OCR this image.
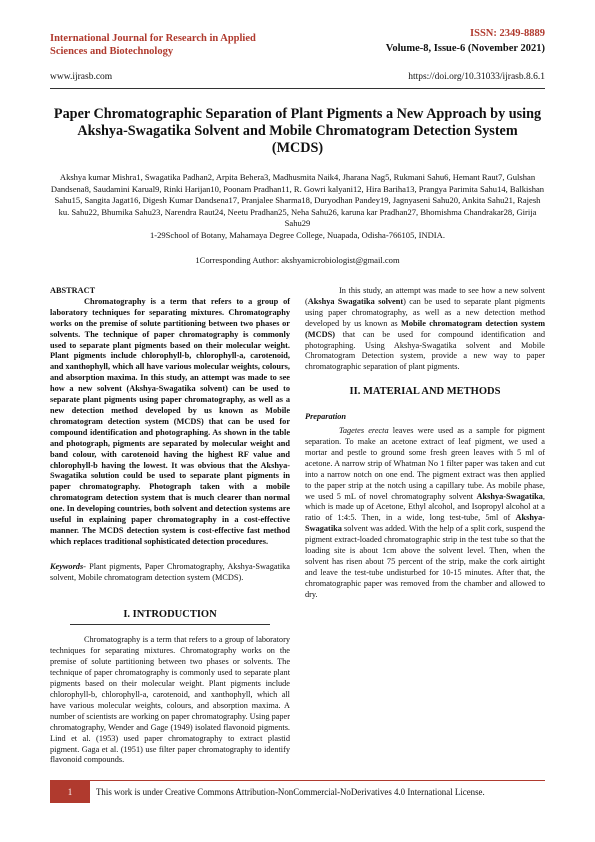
International Journal for Research in Applied Sciences and Biotechnology
ISSN: 2349-8889
Volume-8, Issue-6 (November 2021)
www.ijrasb.com	https://doi.org/10.31033/ijrasb.8.6.1
Paper Chromatographic Separation of Plant Pigments a New Approach by using Akshya-Swagatika Solvent and Mobile Chromatogram Detection System (MCDS)
Akshya kumar Mishra1, Swagatika Padhan2, Arpita Behera3, Madhusmita Naik4, Jharana Nag5, Rukmani Sahu6, Hemant Raut7, Gulshan Dandsena8, Saudamini Karual9, Rinki Harijan10, Poonam Pradhan11, R. Gowri kalyani12, Hira Bariha13, Prangya Parimita Sahu14, Balkishan Sahu15, Sangita Jagat16, Digesh Kumar Dandsena17, Pranjalee Sharma18, Duryodhan Pandey19, Jagnyaseni Sahu20, Ankita Sahu21, Rajesh ku. Sahu22, Bhumika Sahu23, Narendra Raut24, Neetu Pradhan25, Neha Sahu26, karuna kar Pradhan27, Bhomishma Chandrakar28, Girija Sahu29
1-29School of Botany, Mahamaya Degree College, Nuapada, Odisha-766105, INDIA.
1Corresponding Author: akshyamicrobiologist@gmail.com

ABSTRACT
Chromatography is a term that refers to a group of laboratory techniques for separating mixtures. Chromatography works on the premise of solute partitioning between two phases or solvents. The technique of paper chromatography is commonly used to separate plant pigments based on their molecular weight. Plant pigments include chlorophyll-b, chlorophyll-a, carotenoid, and xanthophyll, which all have various molecular weights, colours, and absorption maxima. In this study, an attempt was made to see how a new solvent (Akshya-Swagatika solvent) can be used to separate plant pigments using paper chromatography, as well as a new detection method developed by us known as Mobile chromatogram detection system (MCDS) that can be used for compound identification and photographing. As shown in the table and photograph, pigments are separated by molecular weight and band colour, with carotenoid having the highest RF value and chlorophyll-b having the lowest. It was obvious that the Akshya-Swagatika solution could be used to separate plant pigments in paper chromatography. Photograph taken with a mobile chromatogram detection system that is much clearer than normal one. In developing countries, both solvent and detection systems are useful in explaining paper chromatography in a cost-effective manner. The MCDS detection system is cost-effective fast method which replaces traditional sophisticated detection procedures.

Keywords- Plant pigments, Paper Chromatography, Akshya-Swagatika solvent, Mobile chromatogram detection system (MCDS).

I. INTRODUCTION

Chromatography is a term that refers to a group of laboratory techniques for separating mixtures. Chromatography works on the premise of solute partitioning between two phases or solvents. The technique of paper chromatography is commonly used to separate plant pigments based on their molecular weight. Plant pigments include chlorophyll-b, chlorophyll-a, carotenoid, and xanthophyll, which all have various molecular weights, colours, and absorption maxima. A number of scientists are working on paper chromatography. Using paper chromatography, Wender and Gage (1949) isolated flavonoid pigments. Lind et al. (1953) used paper chromatography to extract plastid pigment. Gaga et al. (1951) use filter paper chromatography to identify flavonoid compounds.

In this study, an attempt was made to see how a new solvent (Akshya Swagatika solvent) can be used to separate plant pigments using paper chromatography, as well as a new detection method developed by us known as Mobile chromatogram detection system (MCDS) that can be used for compound identification and photographing. Using Akshya-Swagatika solvent and Mobile Chromatogram Detection system, provide a new way to paper chromatographic separation of plant pigments.

II. MATERIAL AND METHODS

Preparation

Tagetes erecta leaves were used as a sample for pigment separation. To make an acetone extract of leaf pigment, we used a mortar and pestle to ground some fresh green leaves with 5 ml of acetone. A narrow strip of Whatman No 1 filter paper was taken and cut into a narrow notch on one end. The pigment extract was then applied to the paper strip at the notch using a capillary tube. As mobile phase, we used 5 mL of novel chromatography solvent Akshya-Swagatika, which is made up of Acetone, Ethyl alcohol, and Isopropyl alcohol at a ratio of 1:4:5. Then, in a wide, long test-tube, 5ml of Akshya-Swagatika solvent was added. With the help of a split cork, suspend the pigment extract-loaded chromatographic strip in the test tube so that the loading site is about 1cm above the solvent level. Then, when the solvent has risen about 75 percent of the strip, make the cork airtight and leave the test-tube undisturbed for 10-15 minutes. After that, the chromatographic paper was removed from the chamber and allowed to dry.

1	This work is under Creative Commons Attribution-NonCommercial-NoDerivatives 4.0 International License.
